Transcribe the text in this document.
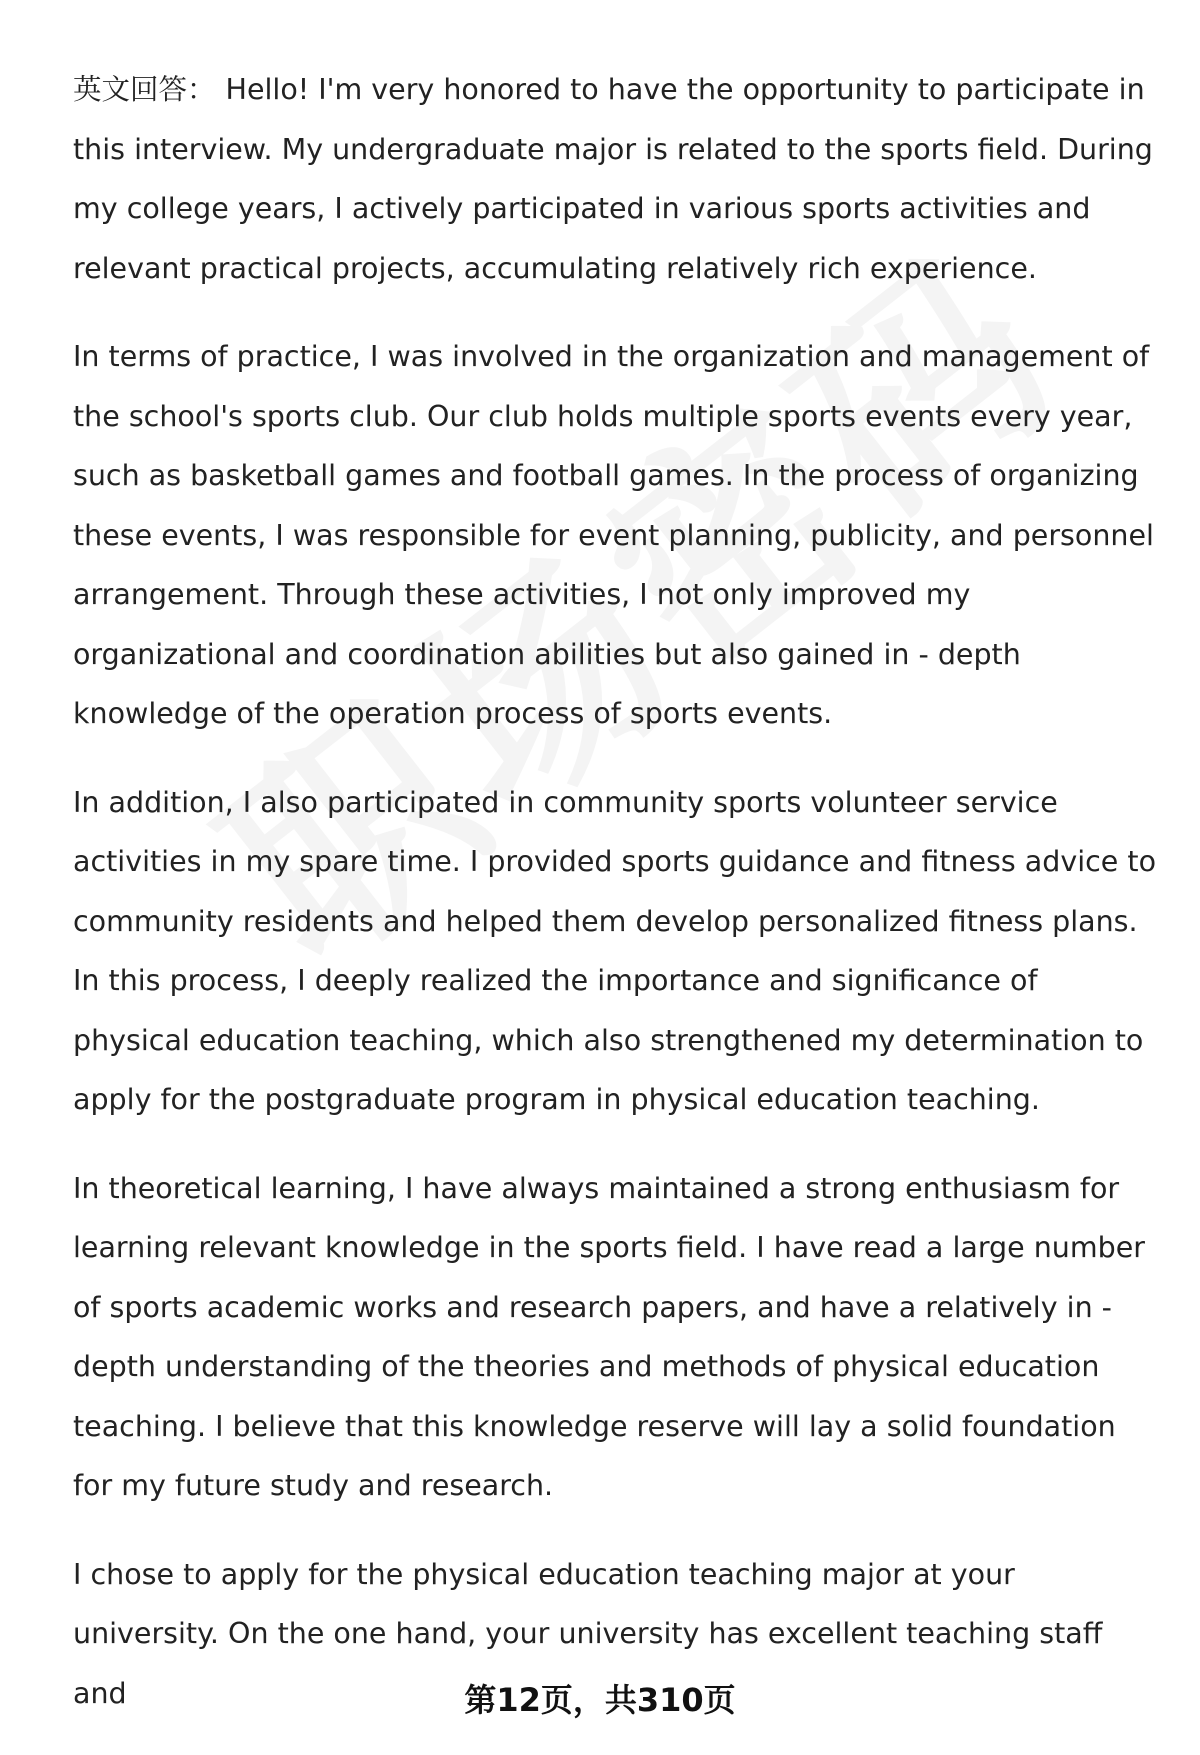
英文回答： Hello! I'm very honored to have the opportunity to participate in this interview. My undergraduate major is related to the sports field. During my college years, I actively participated in various sports activities and relevant practical projects, accumulating relatively rich experience.

In terms of practice, I was involved in the organization and management of the school's sports club. Our club holds multiple sports events every year, such as basketball games and football games. In the process of organizing these events, I was responsible for event planning, publicity, and personnel arrangement. Through these activities, I not only improved my organizational and coordination abilities but also gained in - depth knowledge of the operation process of sports events.

In addition, I also participated in community sports volunteer service activities in my spare time. I provided sports guidance and fitness advice to community residents and helped them develop personalized fitness plans. In this process, I deeply realized the importance and significance of physical education teaching, which also strengthened my determination to apply for the postgraduate program in physical education teaching.

In theoretical learning, I have always maintained a strong enthusiasm for learning relevant knowledge in the sports field. I have read a large number of sports academic works and research papers, and have a relatively in - depth understanding of the theories and methods of physical education teaching. I believe that this knowledge reserve will lay a solid foundation for my future study and research.

I chose to apply for the physical education teaching major at your university. On the one hand, your university has excellent teaching staff and	第12页，共310页
